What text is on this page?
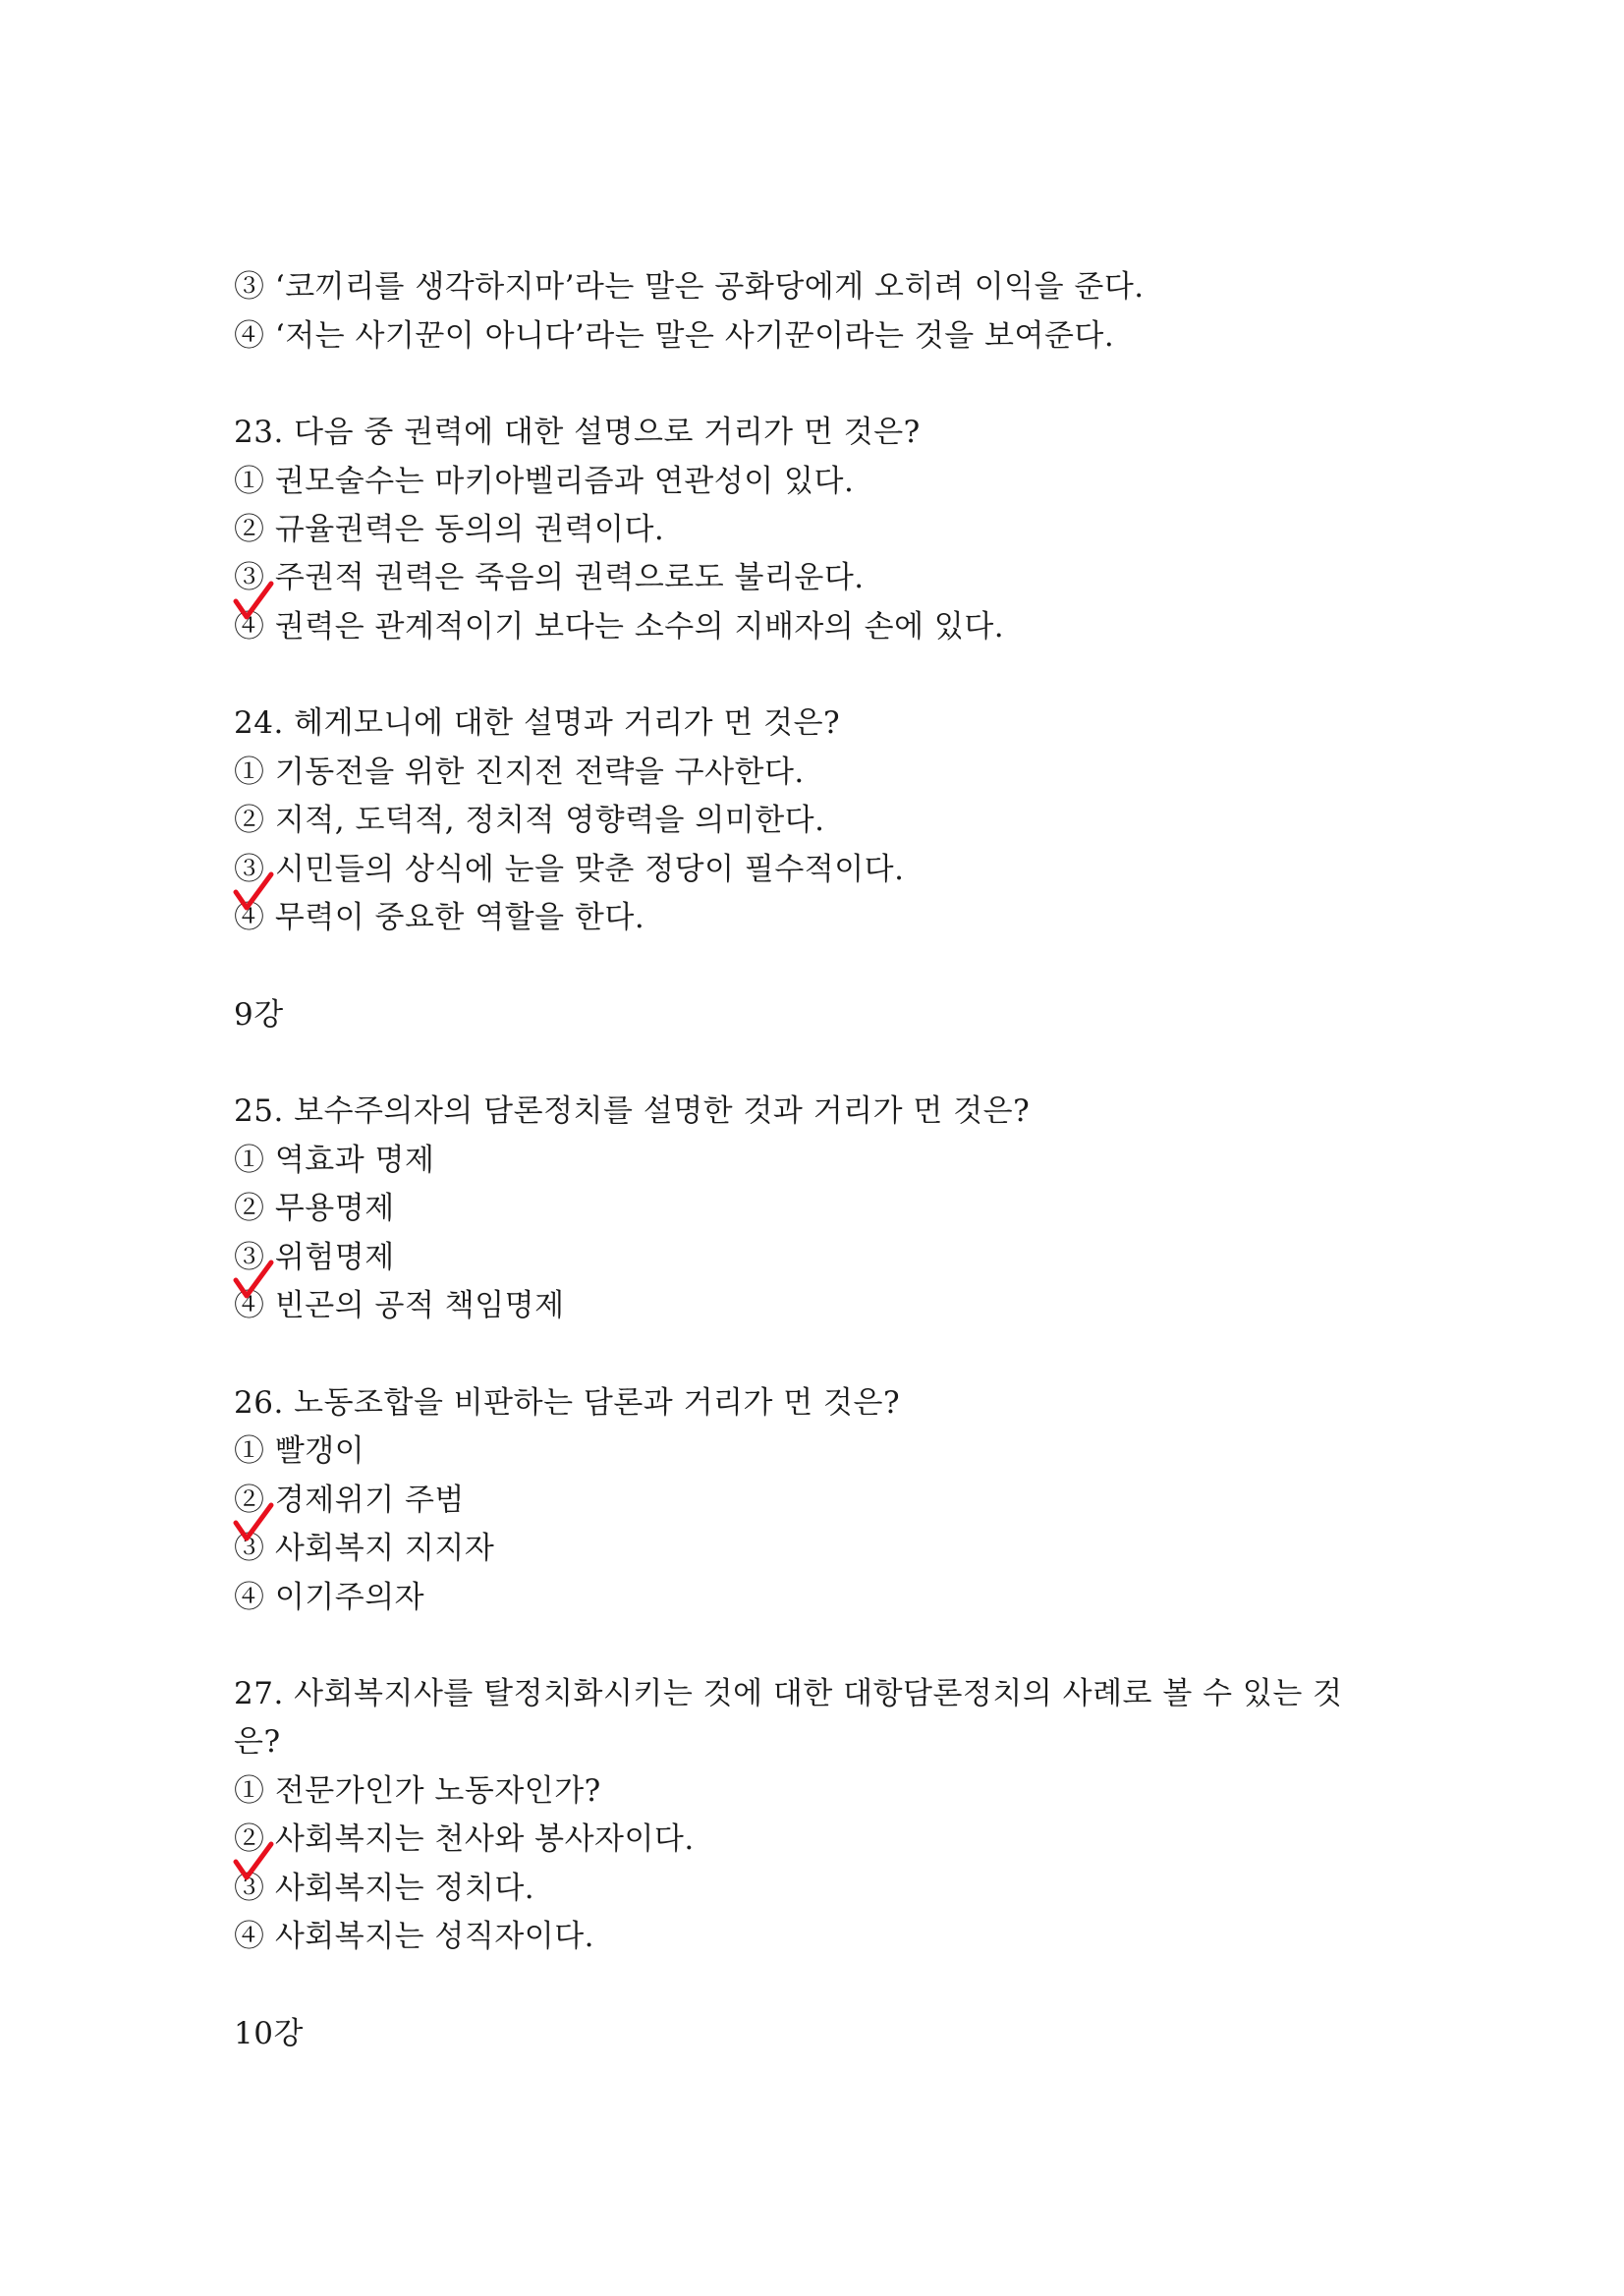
③ ‘코끼리를 생각하지마’라는 말은 공화당에게 오히려 이익을 준다.
④ ‘저는 사기꾼이 아니다’라는 말은 사기꾼이라는 것을 보여준다.
23. 다음 중 권력에 대한 설명으로 거리가 먼 것은?
① 권모술수는 마키아벨리즘과 연관성이 있다.
② 규율권력은 동의의 권력이다.
③ 주권적 권력은 죽음의 권력으로도 불리운다.
④ 권력은 관계적이기 보다는 소수의 지배자의 손에 있다.
24. 헤게모니에 대한 설명과 거리가 먼 것은?
① 기동전을 위한 진지전 전략을 구사한다.
② 지적, 도덕적, 정치적 영향력을 의미한다.
③ 시민들의 상식에 눈을 맞춘 정당이 필수적이다.
④ 무력이 중요한 역할을 한다.
9강
25. 보수주의자의 담론정치를 설명한 것과 거리가 먼 것은?
① 역효과 명제
② 무용명제
③ 위험명제
④ 빈곤의 공적 책임명제
26. 노동조합을 비판하는 담론과 거리가 먼 것은?
① 빨갱이
② 경제위기 주범
③ 사회복지 지지자
④ 이기주의자
27. 사회복지사를 탈정치화시키는 것에 대한 대항담론정치의 사례로 볼 수 있는 것
은?
① 전문가인가 노동자인가?
② 사회복지는 천사와 봉사자이다.
③ 사회복지는 정치다.
④ 사회복지는 성직자이다.
10강
